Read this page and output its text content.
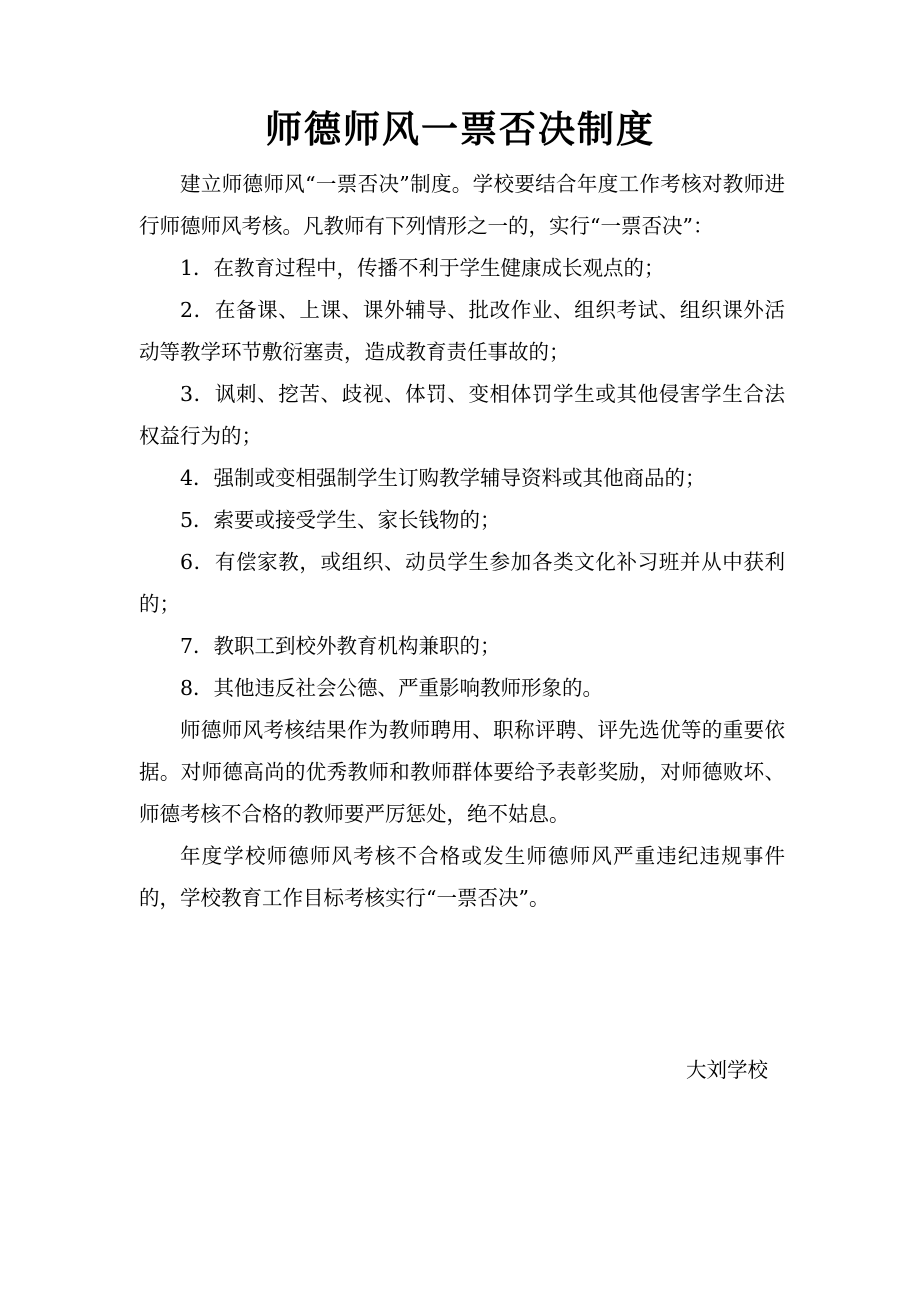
师德师风一票否决制度

建立师德师风“一票否决”制度。学校要结合年度工作考核对教师进行师德师风考核。凡教师有下列情形之一的，实行“一票否决”：

1．在教育过程中，传播不利于学生健康成长观点的；

2．在备课、上课、课外辅导、批改作业、组织考试、组织课外活动等教学环节敷衍塞责，造成教育责任事故的；

3．讽刺、挖苦、歧视、体罚、变相体罚学生或其他侵害学生合法权益行为的；

4．强制或变相强制学生订购教学辅导资料或其他商品的；

5．索要或接受学生、家长钱物的；

6．有偿家教，或组织、动员学生参加各类文化补习班并从中获利的；

7．教职工到校外教育机构兼职的；

8．其他违反社会公德、严重影响教师形象的。

师德师风考核结果作为教师聘用、职称评聘、评先选优等的重要依据。对师德高尚的优秀教师和教师群体要给予表彰奖励，对师德败坏、师德考核不合格的教师要严厉惩处，绝不姑息。

年度学校师德师风考核不合格或发生师德师风严重违纪违规事件的，学校教育工作目标考核实行“一票否决”。

大刘学校
